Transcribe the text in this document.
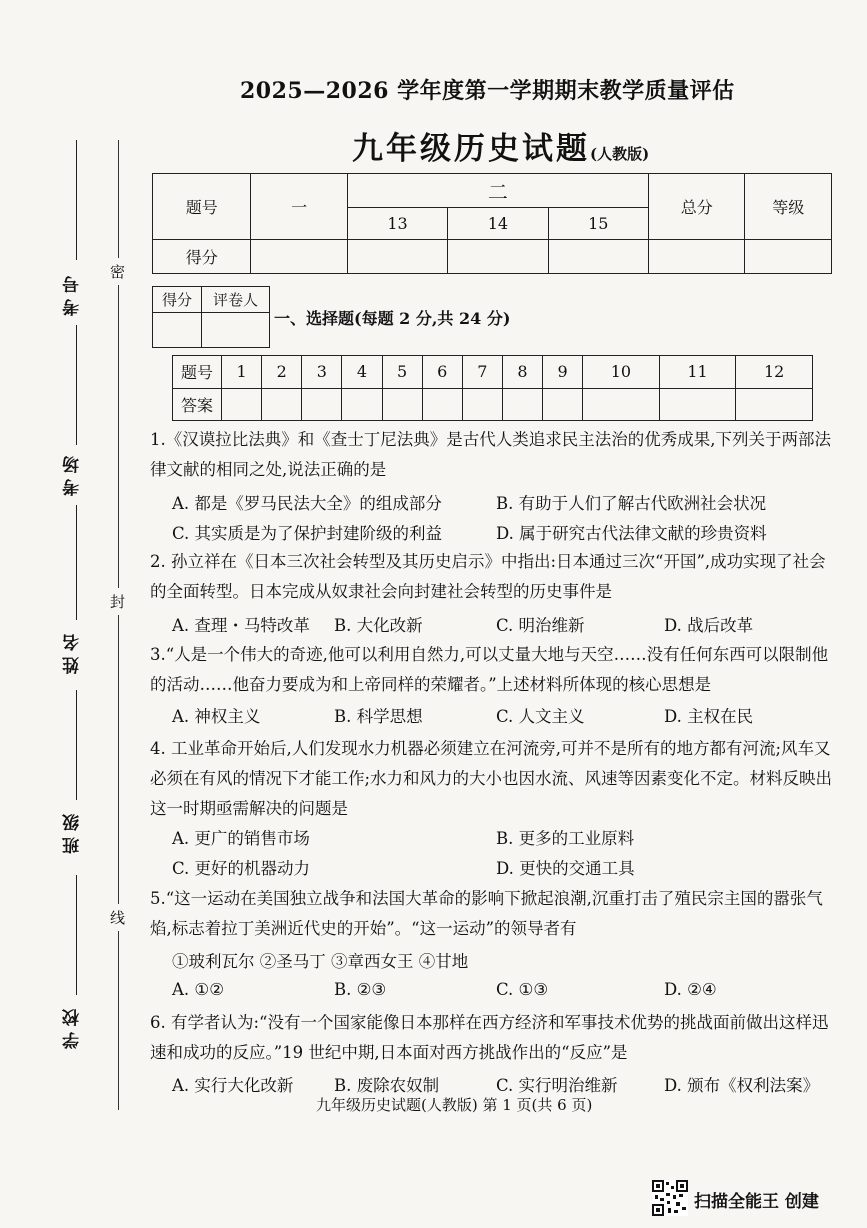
2025—2026 学年度第一学期期末教学质量评估
九年级历史试题(人教版)
密
封
线
考号
考场
姓名
班级
学校
题号	一	二			总分	等级
		13	14	15		
得分						
得分	评卷人

一、选择题(每题 2 分,共 24 分)
题号	1	2	3	4	5	6	7	8	9	10	11	12
答案												
1.《汉谟拉比法典》和《查士丁尼法典》是古代人类追求民主法治的优秀成果,下列关于两部法律文献的相同之处,说法正确的是
A. 都是《罗马民法大全》的组成部分	B. 有助于人们了解古代欧洲社会状况
C. 其实质是为了保护封建阶级的利益	D. 属于研究古代法律文献的珍贵资料
2. 孙立祥在《日本三次社会转型及其历史启示》中指出:日本通过三次“开国”,成功实现了社会的全面转型。日本完成从奴隶社会向封建社会转型的历史事件是
A. 查理・马特改革 B. 大化改新	C. 明治维新	D. 战后改革
3.“人是一个伟大的奇迹,他可以利用自然力,可以丈量大地与天空……没有任何东西可以限制他的活动……他奋力要成为和上帝同样的荣耀者。”上述材料所体现的核心思想是
A. 神权主义	B. 科学思想	C. 人文主义	D. 主权在民
4. 工业革命开始后,人们发现水力机器必须建立在河流旁,可并不是所有的地方都有河流;风车又必须在有风的情况下才能工作;水力和风力的大小也因水流、风速等因素变化不定。材料反映出这一时期亟需解决的问题是
A. 更广的销售市场	B. 更多的工业原料
C. 更好的机器动力	D. 更快的交通工具
5.“这一运动在美国独立战争和法国大革命的影响下掀起浪潮,沉重打击了殖民宗主国的嚣张气焰,标志着拉丁美洲近代史的开始”。“这一运动”的领导者有
①玻利瓦尔 ②圣马丁 ③章西女王 ④甘地
A. ①②	B. ②③	C. ①③	D. ②④
6. 有学者认为:“没有一个国家能像日本那样在西方经济和军事技术优势的挑战面前做出这样迅速和成功的反应。”19 世纪中期,日本面对西方挑战作出的“反应”是
A. 实行大化改新 B. 废除农奴制	C. 实行明治维新	D. 颁布《权利法案》
九年级历史试题(人教版) 第 1 页(共 6 页)
扫描全能王 创建
